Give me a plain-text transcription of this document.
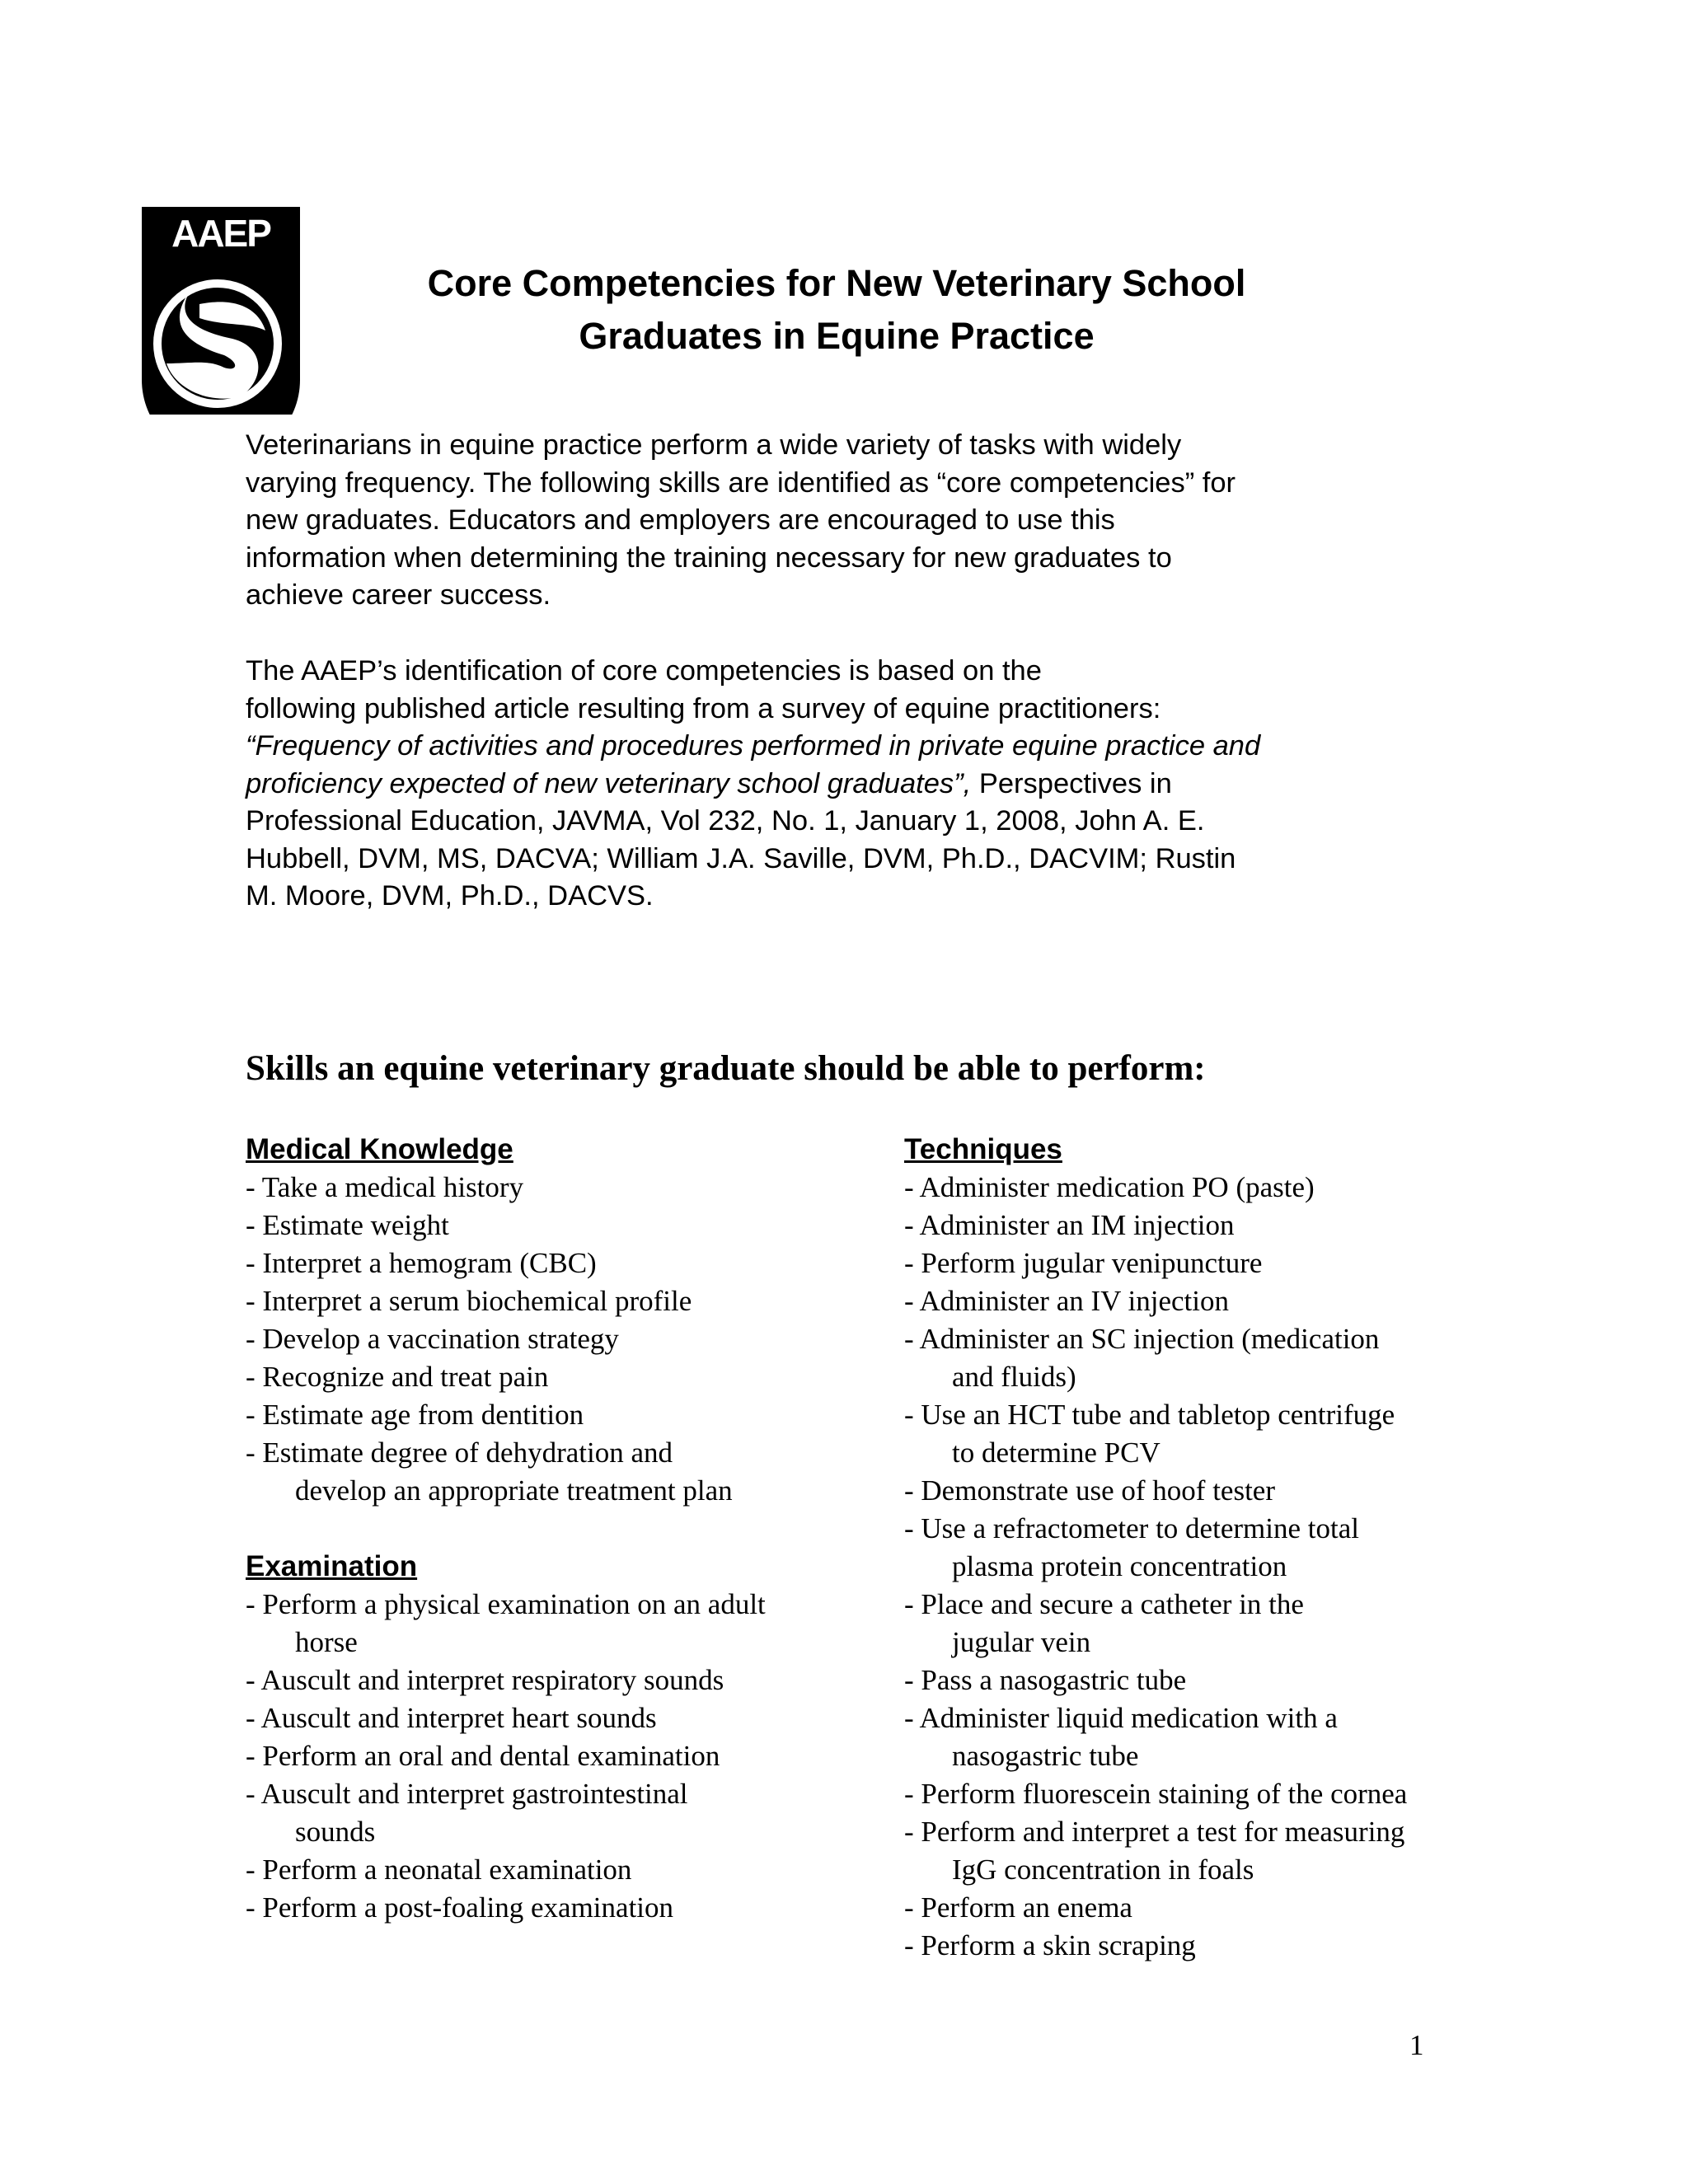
AAEP
Core Competencies for New Veterinary School
Graduates in Equine Practice
Veterinarians in equine practice perform a wide variety of tasks with widely
varying frequency. The following skills are identified as “core competencies” for
new graduates. Educators and employers are encouraged to use this
information when determining the training necessary for new graduates to
achieve career success.
The AAEP’s identification of core competencies is based on the
following published article resulting from a survey of equine practitioners:
“Frequency of activities and procedures performed in private equine practice and
proficiency expected of new veterinary school graduates”, Perspectives in
Professional Education, JAVMA, Vol 232, No. 1, January 1, 2008, John A. E.
Hubbell, DVM, MS, DACVA; William J.A. Saville, DVM, Ph.D., DACVIM; Rustin
M. Moore, DVM, Ph.D., DACVS.
Skills an equine veterinary graduate should be able to perform:
Medical Knowledge
- Take a medical history
- Estimate weight
- Interpret a hemogram (CBC)
- Interpret a serum biochemical profile
- Develop a vaccination strategy
- Recognize and treat pain
- Estimate age from dentition
- Estimate degree of dehydration and
develop an appropriate treatment plan
Examination
- Perform a physical examination on an adult
horse
- Auscult and interpret respiratory sounds
- Auscult and interpret heart sounds
- Perform an oral and dental examination
- Auscult and interpret gastrointestinal
sounds
- Perform a neonatal examination
- Perform a post-foaling examination
Techniques
- Administer medication PO (paste)
- Administer an IM injection
- Perform jugular venipuncture
- Administer an IV injection
- Administer an SC injection (medication
and fluids)
- Use an HCT tube and tabletop centrifuge
to determine PCV
- Demonstrate use of hoof tester
- Use a refractometer to determine total
plasma protein concentration
- Place and secure a catheter in the
jugular vein
- Pass a nasogastric tube
- Administer liquid medication with a
nasogastric tube
- Perform fluorescein staining of the cornea
- Perform and interpret a test for measuring
IgG concentration in foals
- Perform an enema
- Perform a skin scraping
1
